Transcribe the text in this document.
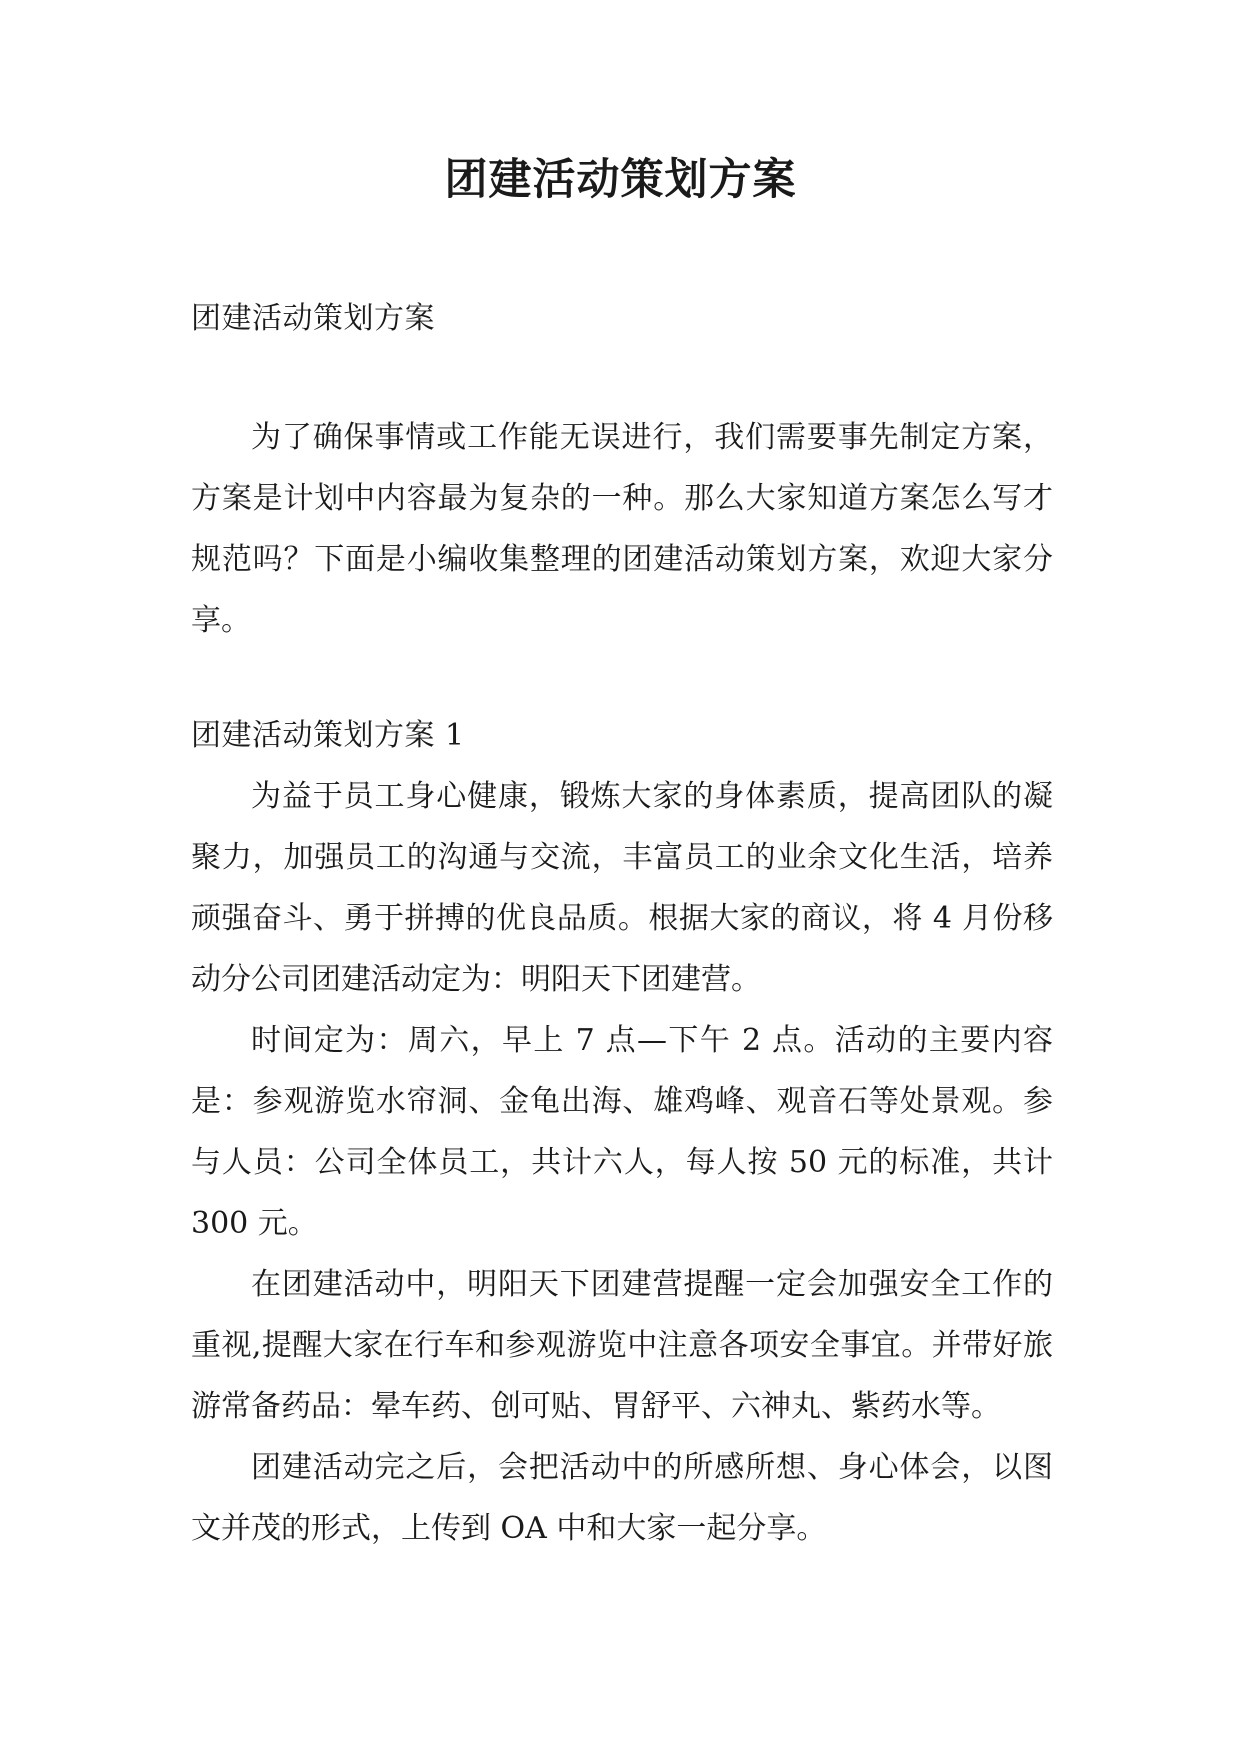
团建活动策划方案

团建活动策划方案

为了确保事情或工作能无误进行，我们需要事先制定方案，方案是计划中内容最为复杂的一种。那么大家知道方案怎么写才规范吗？下面是小编收集整理的团建活动策划方案，欢迎大家分享。

团建活动策划方案 1

为益于员工身心健康，锻炼大家的身体素质，提高团队的凝聚力，加强员工的沟通与交流，丰富员工的业余文化生活，培养顽强奋斗、勇于拼搏的优良品质。根据大家的商议，将 4 月份移动分公司团建活动定为：明阳天下团建营。

时间定为：周六，早上 7 点—下午 2 点。活动的主要内容是：参观游览水帘洞、金龟出海、雄鸡峰、观音石等处景观。参与人员：公司全体员工，共计六人，每人按 50 元的标准，共计 300 元。

在团建活动中，明阳天下团建营提醒一定会加强安全工作的重视,提醒大家在行车和参观游览中注意各项安全事宜。并带好旅游常备药品：晕车药、创可贴、胃舒平、六神丸、紫药水等。

团建活动完之后，会把活动中的所感所想、身心体会，以图文并茂的形式，上传到 OA 中和大家一起分享。
